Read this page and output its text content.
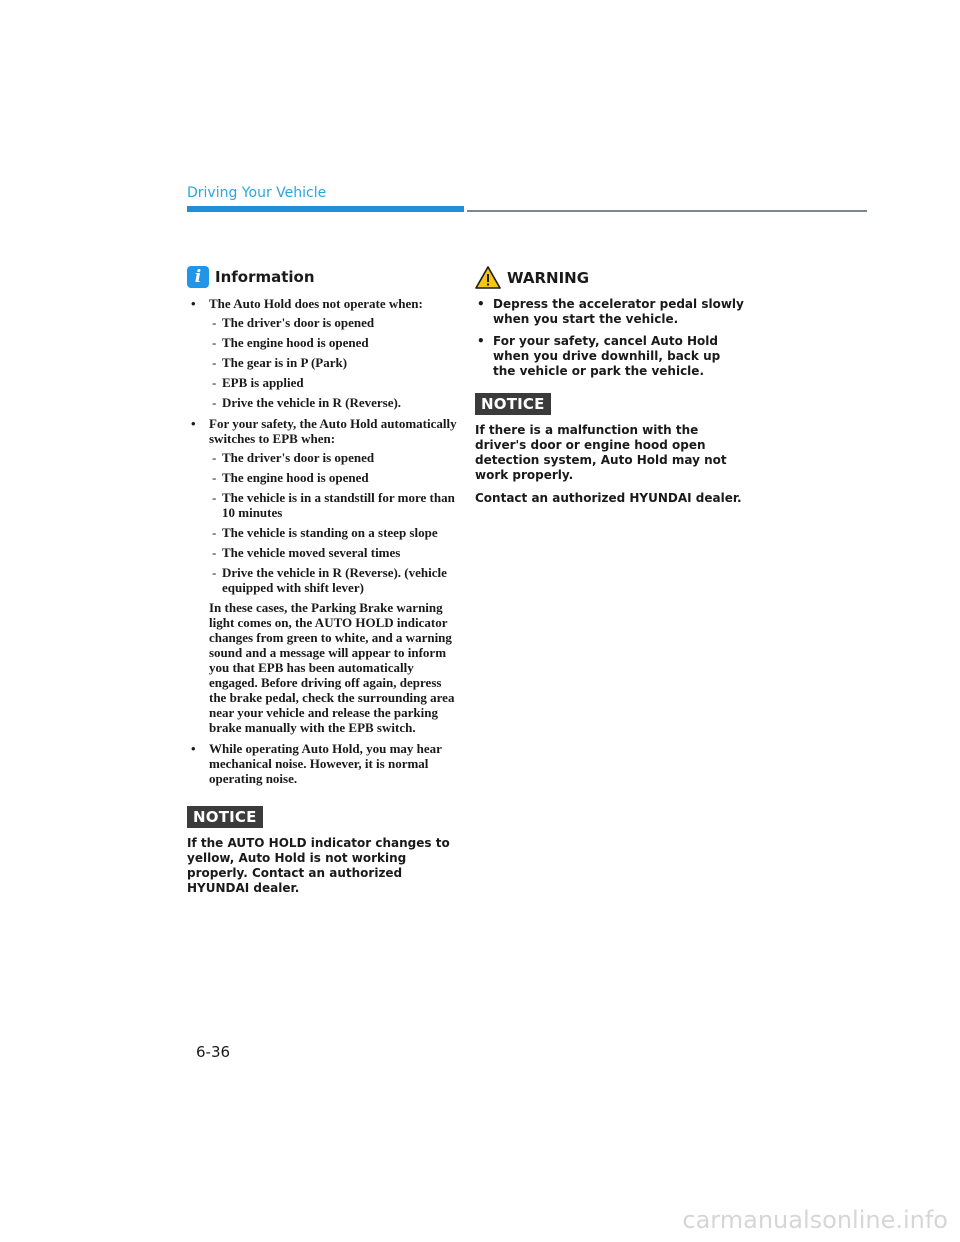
Driving Your Vehicle
i Information
• The Auto Hold does not operate when:
- The driver's door is opened
- The engine hood is opened
- The gear is in P (Park)
- EPB is applied
- Drive the vehicle in R (Reverse).
• For your safety, the Auto Hold automatically switches to EPB when:
- The driver's door is opened
- The engine hood is opened
- The vehicle is in a standstill for more than 10 minutes
- The vehicle is standing on a steep slope
- The vehicle moved several times
- Drive the vehicle in R (Reverse). (vehicle equipped with shift lever)
In these cases, the Parking Brake warning light comes on, the AUTO HOLD indicator changes from green to white, and a warning sound and a message will appear to inform you that EPB has been automatically engaged. Before driving off again, depress the brake pedal, check the surrounding area near your vehicle and release the parking brake manually with the EPB switch.
• While operating Auto Hold, you may hear mechanical noise. However, it is normal operating noise.
NOTICE
If the AUTO HOLD indicator changes to yellow, Auto Hold is not working properly. Contact an authorized HYUNDAI dealer.
WARNING
• Depress the accelerator pedal slowly when you start the vehicle.
• For your safety, cancel Auto Hold when you drive downhill, back up the vehicle or park the vehicle.
NOTICE

If there is a malfunction with the driver's door or engine hood open detection system, Auto Hold may not work properly.

Contact an authorized HYUNDAI dealer.

6-36
carmanualsonline.info
